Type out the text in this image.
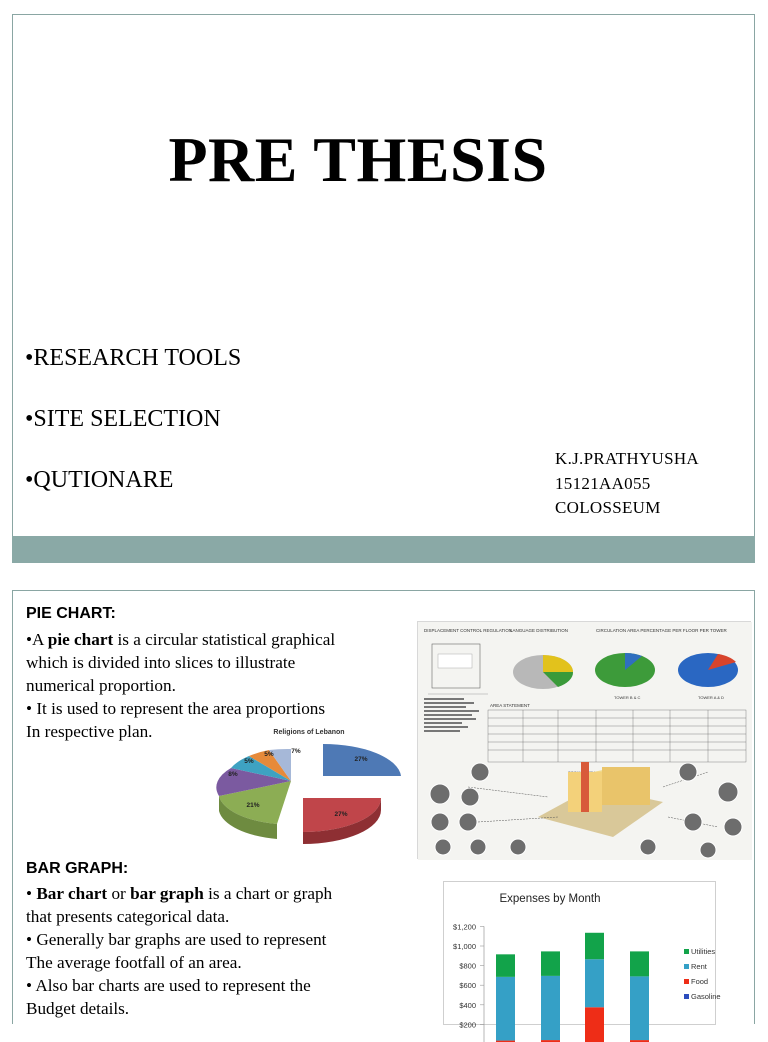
PRE THESIS
•RESEARCH TOOLS
•SITE SELECTION
•QUTIONARE
K.J.PRATHYUSHA
15121AA055
COLOSSEUM
PIE CHART:
•A pie chart is a circular statistical graphical
which is divided into slices to illustrate
numerical proportion.
• It is used to represent the area proportions
In respective plan.
DISPLACEMENT CONTROL REGULATION
LANGUAGE DISTRIBUTION	CIRCULATION AREA PERCENTAGE PER FLOOR PER TOWER
TOWER B & C	TOWER A & D
AREA STATEMENT
Religions of Lebanon
27%
27%
21%
8%
5%
5%	7%
BAR GRAPH:
• Bar chart or bar graph is a chart or graph
that presents categorical data.
• Generally bar graphs are used to represent
The average footfall of an area.
• Also bar charts are used to represent the
Budget details.
Expenses by Month
$200
$400
$600
$800
$1,000
$1,200
Utilities
Rent
Food
Gasoline
